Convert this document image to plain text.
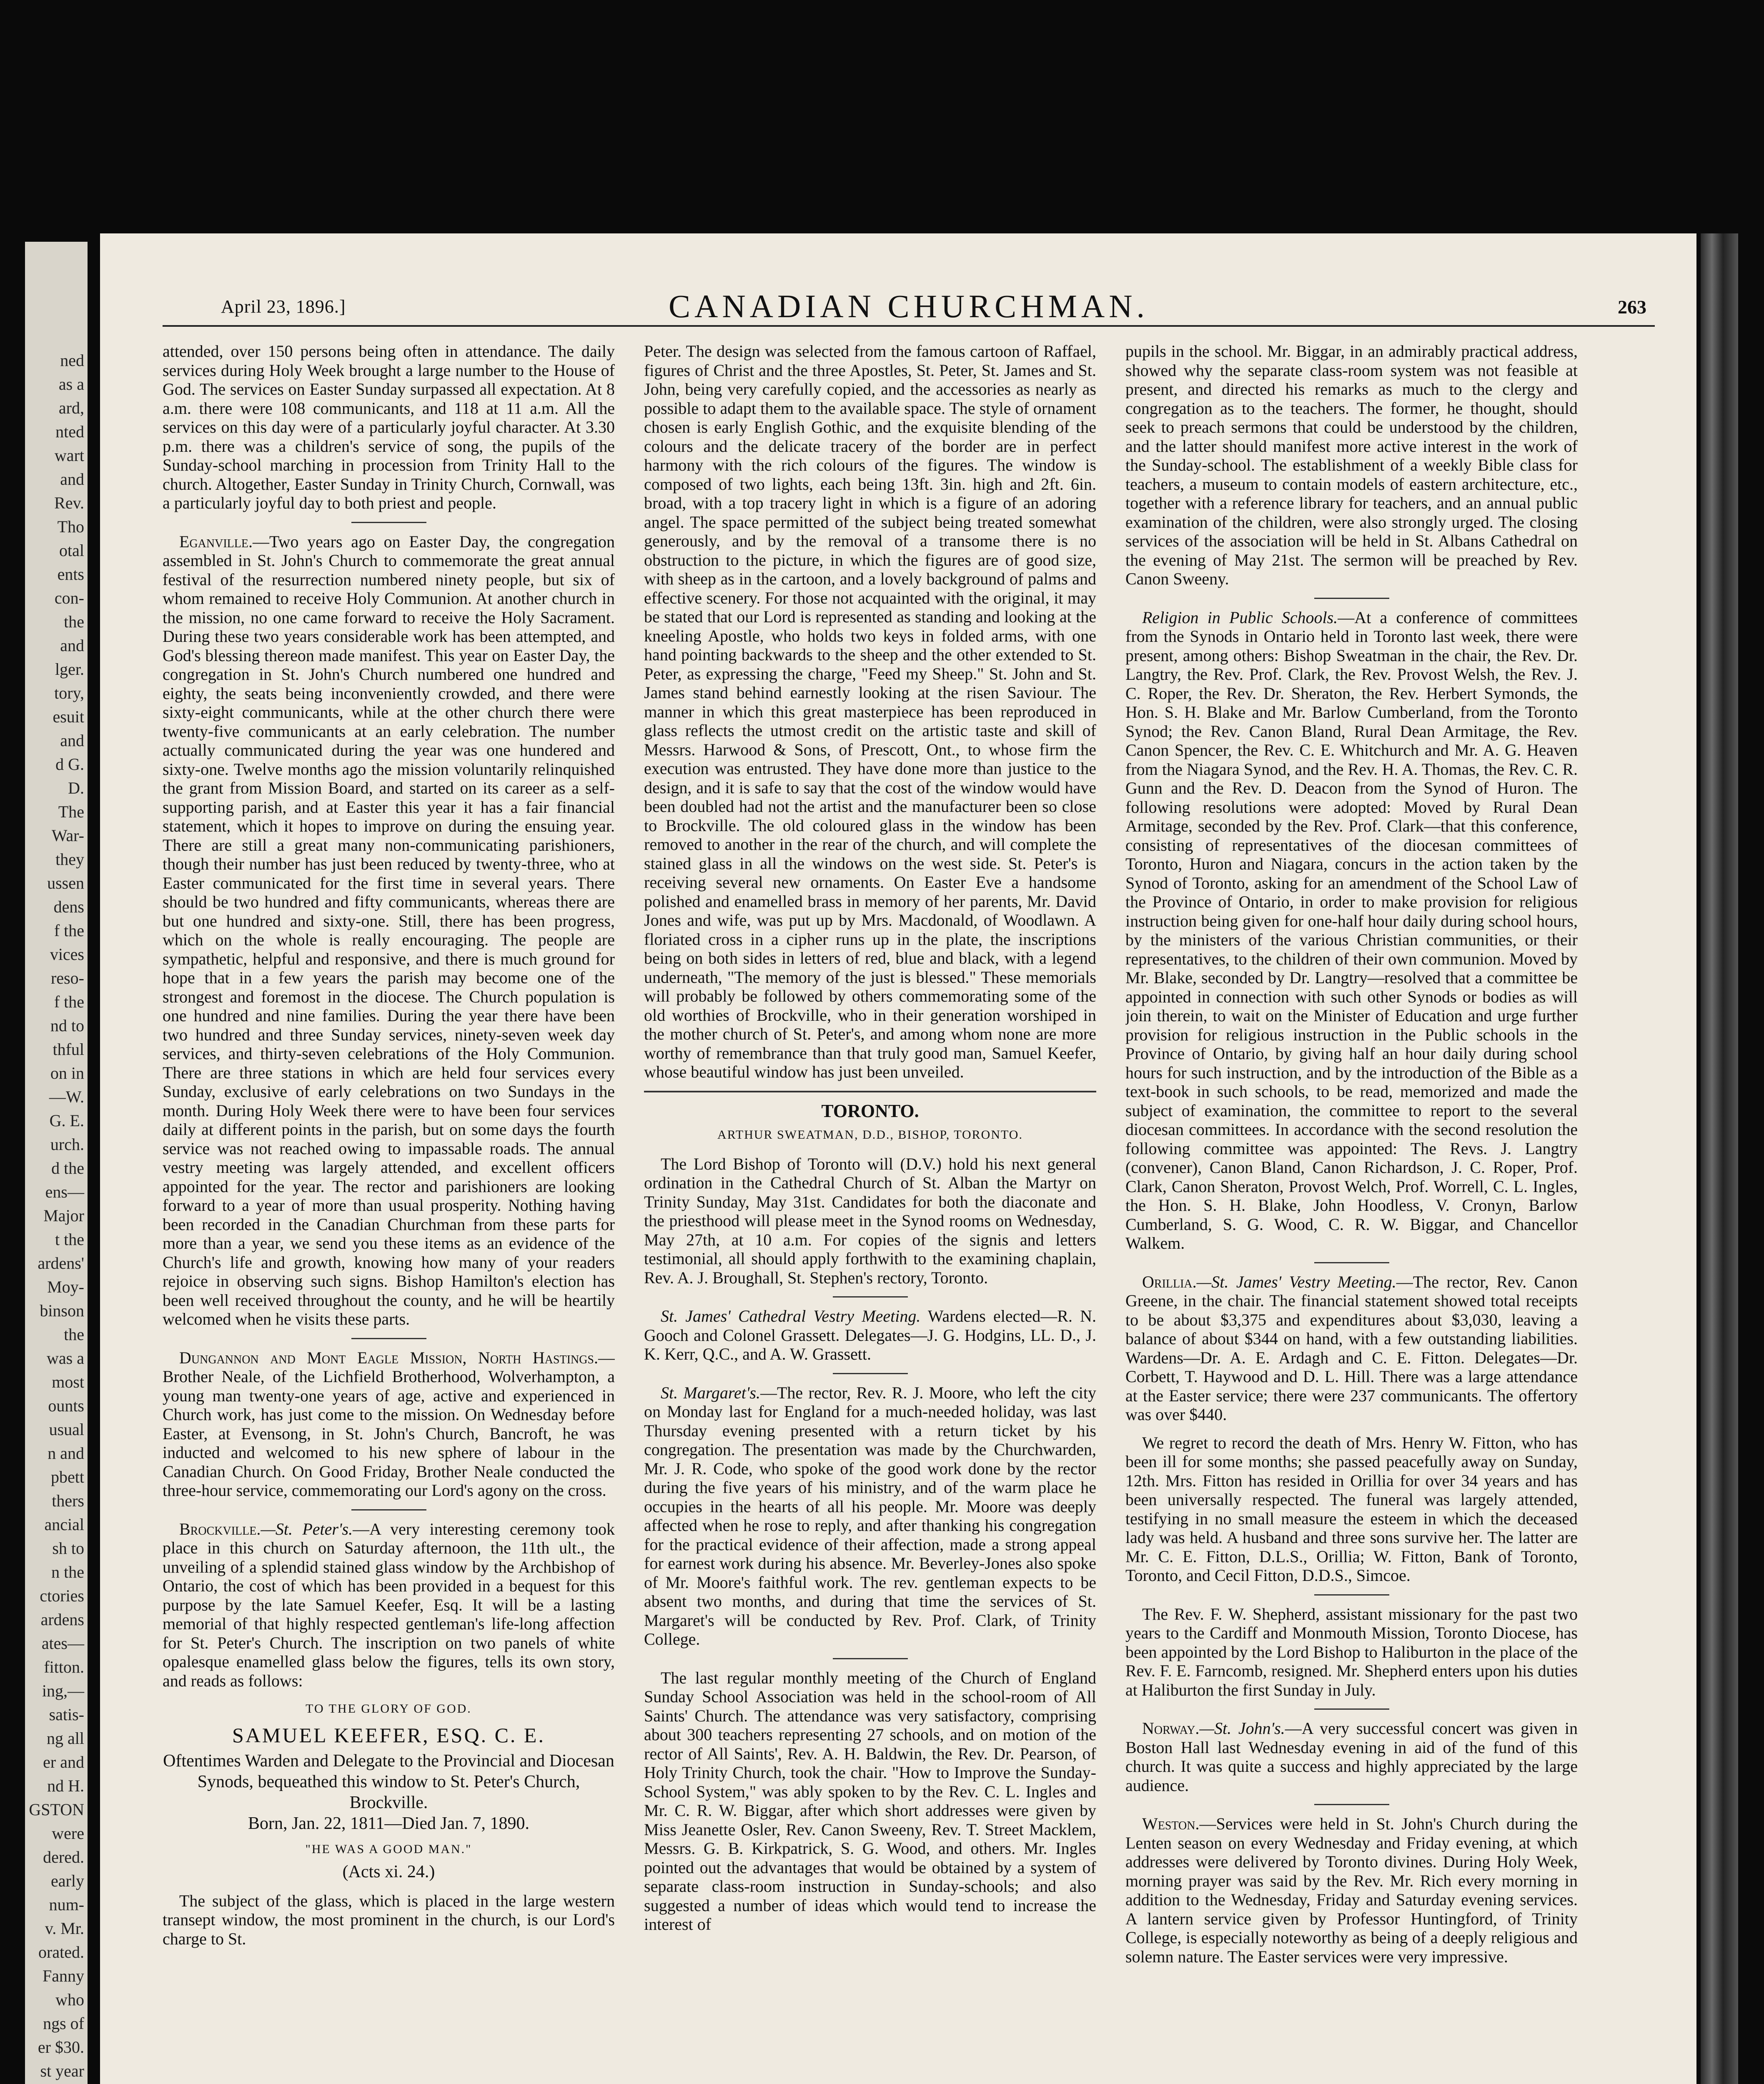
ned
as a
ard,
nted
wart
and
Rev.
Tho
otal
ents
con-
the
and
lger.
tory,
esuit
and
d G.
D.
The
War-
they
ussen
dens
f the
vices
reso-
f the
nd to
thful
on in
—W.
G. E.
urch.
d the
ens—
Major
t the
ardens'
Moy-
binson
the
was a
most
ounts
usual
n and
pbett
thers
ancial
sh to
n the
ctories
ardens
ates—
fitton.
ing,—
satis-
ng all
er and
nd H.
GSTON
were
dered.
early
num-
v. Mr.
orated.
Fanny
who
ngs of
er $30.
st year
April 23, 1896.]	CANADIAN CHURCHMAN.	263

attended, over 150 persons being often in attendance. The daily services during Holy Week brought a large number to the House of God. The services on Easter Sunday surpassed all expectation. At 8 a.m. there were 108 communicants, and 118 at 11 a.m. All the services on this day were of a particularly joyful character. At 3.30 p.m. there was a children's service of song, the pupils of the Sunday-school marching in procession from Trinity Hall to the church. Altogether, Easter Sunday in Trinity Church, Cornwall, was a particularly joyful day to both priest and people.

Eganville.—Two years ago on Easter Day, the congregation assembled in St. John's Church to commemorate the great annual festival of the resurrection numbered ninety people, but six of whom remained to receive Holy Communion. At another church in the mission, no one came forward to receive the Holy Sacrament. During these two years considerable work has been attempted, and God's blessing thereon made manifest. This year on Easter Day, the congregation in St. John's Church numbered one hundred and eighty, the seats being inconveniently crowded, and there were sixty-eight communicants, while at the other church there were twenty-five communicants at an early celebration. The number actually communicated during the year was one hundered and sixty-one. Twelve months ago the mission voluntarily relinquished the grant from Mission Board, and started on its career as a self-supporting parish, and at Easter this year it has a fair financial statement, which it hopes to improve on during the ensuing year. There are still a great many non-communicating parishioners, though their number has just been reduced by twenty-three, who at Easter communicated for the first time in several years. There should be two hundred and fifty communicants, whereas there are but one hundred and sixty-one. Still, there has been progress, which on the whole is really encouraging. The people are sympathetic, helpful and responsive, and there is much ground for hope that in a few years the parish may become one of the strongest and foremost in the diocese. The Church population is one hundred and nine families. During the year there have been two hundred and three Sunday services, ninety-seven week day services, and thirty-seven celebrations of the Holy Communion. There are three stations in which are held four services every Sunday, exclusive of early celebrations on two Sundays in the month. During Holy Week there were to have been four services daily at different points in the parish, but on some days the fourth service was not reached owing to impassable roads. The annual vestry meeting was largely attended, and excellent officers appointed for the year. The rector and parishioners are looking forward to a year of more than usual prosperity. Nothing having been recorded in the Canadian Churchman from these parts for more than a year, we send you these items as an evidence of the Church's life and growth, knowing how many of your readers rejoice in observing such signs. Bishop Hamilton's election has been well received throughout the county, and he will be heartily welcomed when he visits these parts.

Dungannon and Mont Eagle Mission, North Hastings.—Brother Neale, of the Lichfield Brotherhood, Wolverhampton, a young man twenty-one years of age, active and experienced in Church work, has just come to the mission. On Wednesday before Easter, at Evensong, in St. John's Church, Bancroft, he was inducted and welcomed to his new sphere of labour in the Canadian Church. On Good Friday, Brother Neale conducted the three-hour service, commemorating our Lord's agony on the cross.

Brockville.—St. Peter's.—A very interesting ceremony took place in this church on Saturday afternoon, the 11th ult., the unveiling of a splendid stained glass window by the Archbishop of Ontario, the cost of which has been provided in a bequest for this purpose by the late Samuel Keefer, Esq. It will be a lasting memorial of that highly respected gentleman's life-long affection for St. Peter's Church. The inscription on two panels of white opalesque enamelled glass below the figures, tells its own story, and reads as follows:

TO THE GLORY OF GOD.
SAMUEL KEEFER, ESQ. C. E.
Oftentimes Warden and Delegate to the Provincial and Diocesan Synods, bequeathed this window to St. Peter's Church, Brockville.
Born, Jan. 22, 1811—Died Jan. 7, 1890.
"HE WAS A GOOD MAN."
(Acts xi. 24.)

The subject of the glass, which is placed in the large western transept window, the most prominent in the church, is our Lord's charge to St.

Peter. The design was selected from the famous cartoon of Raffael, figures of Christ and the three Apostles, St. Peter, St. James and St. John, being very carefully copied, and the accessories as nearly as possible to adapt them to the available space. The style of ornament chosen is early English Gothic, and the exquisite blending of the colours and the delicate tracery of the border are in perfect harmony with the rich colours of the figures. The window is composed of two lights, each being 13ft. 3in. high and 2ft. 6in. broad, with a top tracery light in which is a figure of an adoring angel. The space permitted of the subject being treated somewhat generously, and by the removal of a transome there is no obstruction to the picture, in which the figures are of good size, with sheep as in the cartoon, and a lovely background of palms and effective scenery. For those not acquainted with the original, it may be stated that our Lord is represented as standing and looking at the kneeling Apostle, who holds two keys in folded arms, with one hand pointing backwards to the sheep and the other extended to St. Peter, as expressing the charge, "Feed my Sheep." St. John and St. James stand behind earnestly looking at the risen Saviour. The manner in which this great masterpiece has been reproduced in glass reflects the utmost credit on the artistic taste and skill of Messrs. Harwood & Sons, of Prescott, Ont., to whose firm the execution was entrusted. They have done more than justice to the design, and it is safe to say that the cost of the window would have been doubled had not the artist and the manufacturer been so close to Brockville. The old coloured glass in the window has been removed to another in the rear of the church, and will complete the stained glass in all the windows on the west side. St. Peter's is receiving several new ornaments. On Easter Eve a handsome polished and enamelled brass in memory of her parents, Mr. David Jones and wife, was put up by Mrs. Macdonald, of Woodlawn. A floriated cross in a cipher runs up in the plate, the inscriptions being on both sides in letters of red, blue and black, with a legend underneath, "The memory of the just is blessed." These memorials will probably be followed by others commemorating some of the old worthies of Brockville, who in their generation worshiped in the mother church of St. Peter's, and among whom none are more worthy of remembrance than that truly good man, Samuel Keefer, whose beautiful window has just been unveiled.

TORONTO.
ARTHUR SWEATMAN, D.D., BISHOP, TORONTO.

The Lord Bishop of Toronto will (D.V.) hold his next general ordination in the Cathedral Church of St. Alban the Martyr on Trinity Sunday, May 31st. Candidates for both the diaconate and the priesthood will please meet in the Synod rooms on Wednesday, May 27th, at 10 a.m. For copies of the signis and letters testimonial, all should apply forthwith to the examining chaplain, Rev. A. J. Broughall, St. Stephen's rectory, Toronto.

St. James' Cathedral Vestry Meeting. Wardens elected—R. N. Gooch and Colonel Grassett. Delegates—J. G. Hodgins, LL. D., J. K. Kerr, Q.C., and A. W. Grassett.

St. Margaret's.—The rector, Rev. R. J. Moore, who left the city on Monday last for England for a much-needed holiday, was last Thursday evening presented with a return ticket by his congregation. The presentation was made by the Churchwarden, Mr. J. R. Code, who spoke of the good work done by the rector during the five years of his ministry, and of the warm place he occupies in the hearts of all his people. Mr. Moore was deeply affected when he rose to reply, and after thanking his congregation for the practical evidence of their affection, made a strong appeal for earnest work during his absence. Mr. Beverley-Jones also spoke of Mr. Moore's faithful work. The rev. gentleman expects to be absent two months, and during that time the services of St. Margaret's will be conducted by Rev. Prof. Clark, of Trinity College.

The last regular monthly meeting of the Church of England Sunday School Association was held in the school-room of All Saints' Church. The attendance was very satisfactory, comprising about 300 teachers representing 27 schools, and on motion of the rector of All Saints', Rev. A. H. Baldwin, the Rev. Dr. Pearson, of Holy Trinity Church, took the chair. "How to Improve the Sunday-School System," was ably spoken to by the Rev. C. L. Ingles and Mr. C. R. W. Biggar, after which short addresses were given by Miss Jeanette Osler, Rev. Canon Sweeny, Rev. T. Street Macklem, Messrs. G. B. Kirkpatrick, S. G. Wood, and others. Mr. Ingles pointed out the advantages that would be obtained by a system of separate class-room instruction in Sunday-schools; and also suggested a number of ideas which would tend to increase the interest of

pupils in the school. Mr. Biggar, in an admirably practical address, showed why the separate class-room system was not feasible at present, and directed his remarks as much to the clergy and congregation as to the teachers. The former, he thought, should seek to preach sermons that could be understood by the children, and the latter should manifest more active interest in the work of the Sunday-school. The establishment of a weekly Bible class for teachers, a museum to contain models of eastern architecture, etc., together with a reference library for teachers, and an annual public examination of the children, were also strongly urged. The closing services of the association will be held in St. Albans Cathedral on the evening of May 21st. The sermon will be preached by Rev. Canon Sweeny.

Religion in Public Schools.—At a conference of committees from the Synods in Ontario held in Toronto last week, there were present, among others: Bishop Sweatman in the chair, the Rev. Dr. Langtry, the Rev. Prof. Clark, the Rev. Provost Welsh, the Rev. J. C. Roper, the Rev. Dr. Sheraton, the Rev. Herbert Symonds, the Hon. S. H. Blake and Mr. Barlow Cumberland, from the Toronto Synod; the Rev. Canon Bland, Rural Dean Armitage, the Rev. Canon Spencer, the Rev. C. E. Whitchurch and Mr. A. G. Heaven from the Niagara Synod, and the Rev. H. A. Thomas, the Rev. C. R. Gunn and the Rev. D. Deacon from the Synod of Huron. The following resolutions were adopted: Moved by Rural Dean Armitage, seconded by the Rev. Prof. Clark—that this conference, consisting of representatives of the diocesan committees of Toronto, Huron and Niagara, concurs in the action taken by the Synod of Toronto, asking for an amendment of the School Law of the Province of Ontario, in order to make provision for religious instruction being given for one-half hour daily during school hours, by the ministers of the various Christian communities, or their representatives, to the children of their own communion. Moved by Mr. Blake, seconded by Dr. Langtry—resolved that a committee be appointed in connection with such other Synods or bodies as will join therein, to wait on the Minister of Education and urge further provision for religious instruction in the Public schools in the Province of Ontario, by giving half an hour daily during school hours for such instruction, and by the introduction of the Bible as a text-book in such schools, to be read, memorized and made the subject of examination, the committee to report to the several diocesan committees. In accordance with the second resolution the following committee was appointed: The Revs. J. Langtry (convener), Canon Bland, Canon Richardson, J. C. Roper, Prof. Clark, Canon Sheraton, Provost Welch, Prof. Worrell, C. L. Ingles, the Hon. S. H. Blake, John Hoodless, V. Cronyn, Barlow Cumberland, S. G. Wood, C. R. W. Biggar, and Chancellor Walkem.

Orillia.—St. James' Vestry Meeting.—The rector, Rev. Canon Greene, in the chair. The financial statement showed total receipts to be about $3,375 and expenditures about $3,030, leaving a balance of about $344 on hand, with a few outstanding liabilities. Wardens—Dr. A. E. Ardagh and C. E. Fitton. Delegates—Dr. Corbett, T. Haywood and D. L. Hill. There was a large attendance at the Easter service; there were 237 communicants. The offertory was over $440.

We regret to record the death of Mrs. Henry W. Fitton, who has been ill for some months; she passed peacefully away on Sunday, 12th. Mrs. Fitton has resided in Orillia for over 34 years and has been universally respected. The funeral was largely attended, testifying in no small measure the esteem in which the deceased lady was held. A husband and three sons survive her. The latter are Mr. C. E. Fitton, D.L.S., Orillia; W. Fitton, Bank of Toronto, Toronto, and Cecil Fitton, D.D.S., Simcoe.

The Rev. F. W. Shepherd, assistant missionary for the past two years to the Cardiff and Monmouth Mission, Toronto Diocese, has been appointed by the Lord Bishop to Haliburton in the place of the Rev. F. E. Farncomb, resigned. Mr. Shepherd enters upon his duties at Haliburton the first Sunday in July.

Norway.—St. John's.—A very successful concert was given in Boston Hall last Wednesday evening in aid of the fund of this church. It was quite a success and highly appreciated by the large audience.

Weston.—Services were held in St. John's Church during the Lenten season on every Wednesday and Friday evening, at which addresses were delivered by Toronto divines. During Holy Week, morning prayer was said by the Rev. Mr. Rich every morning in addition to the Wednesday, Friday and Saturday evening services. A lantern service given by Professor Huntingford, of Trinity College, is especially noteworthy as being of a deeply religious and solemn nature. The Easter services were very impressive.
